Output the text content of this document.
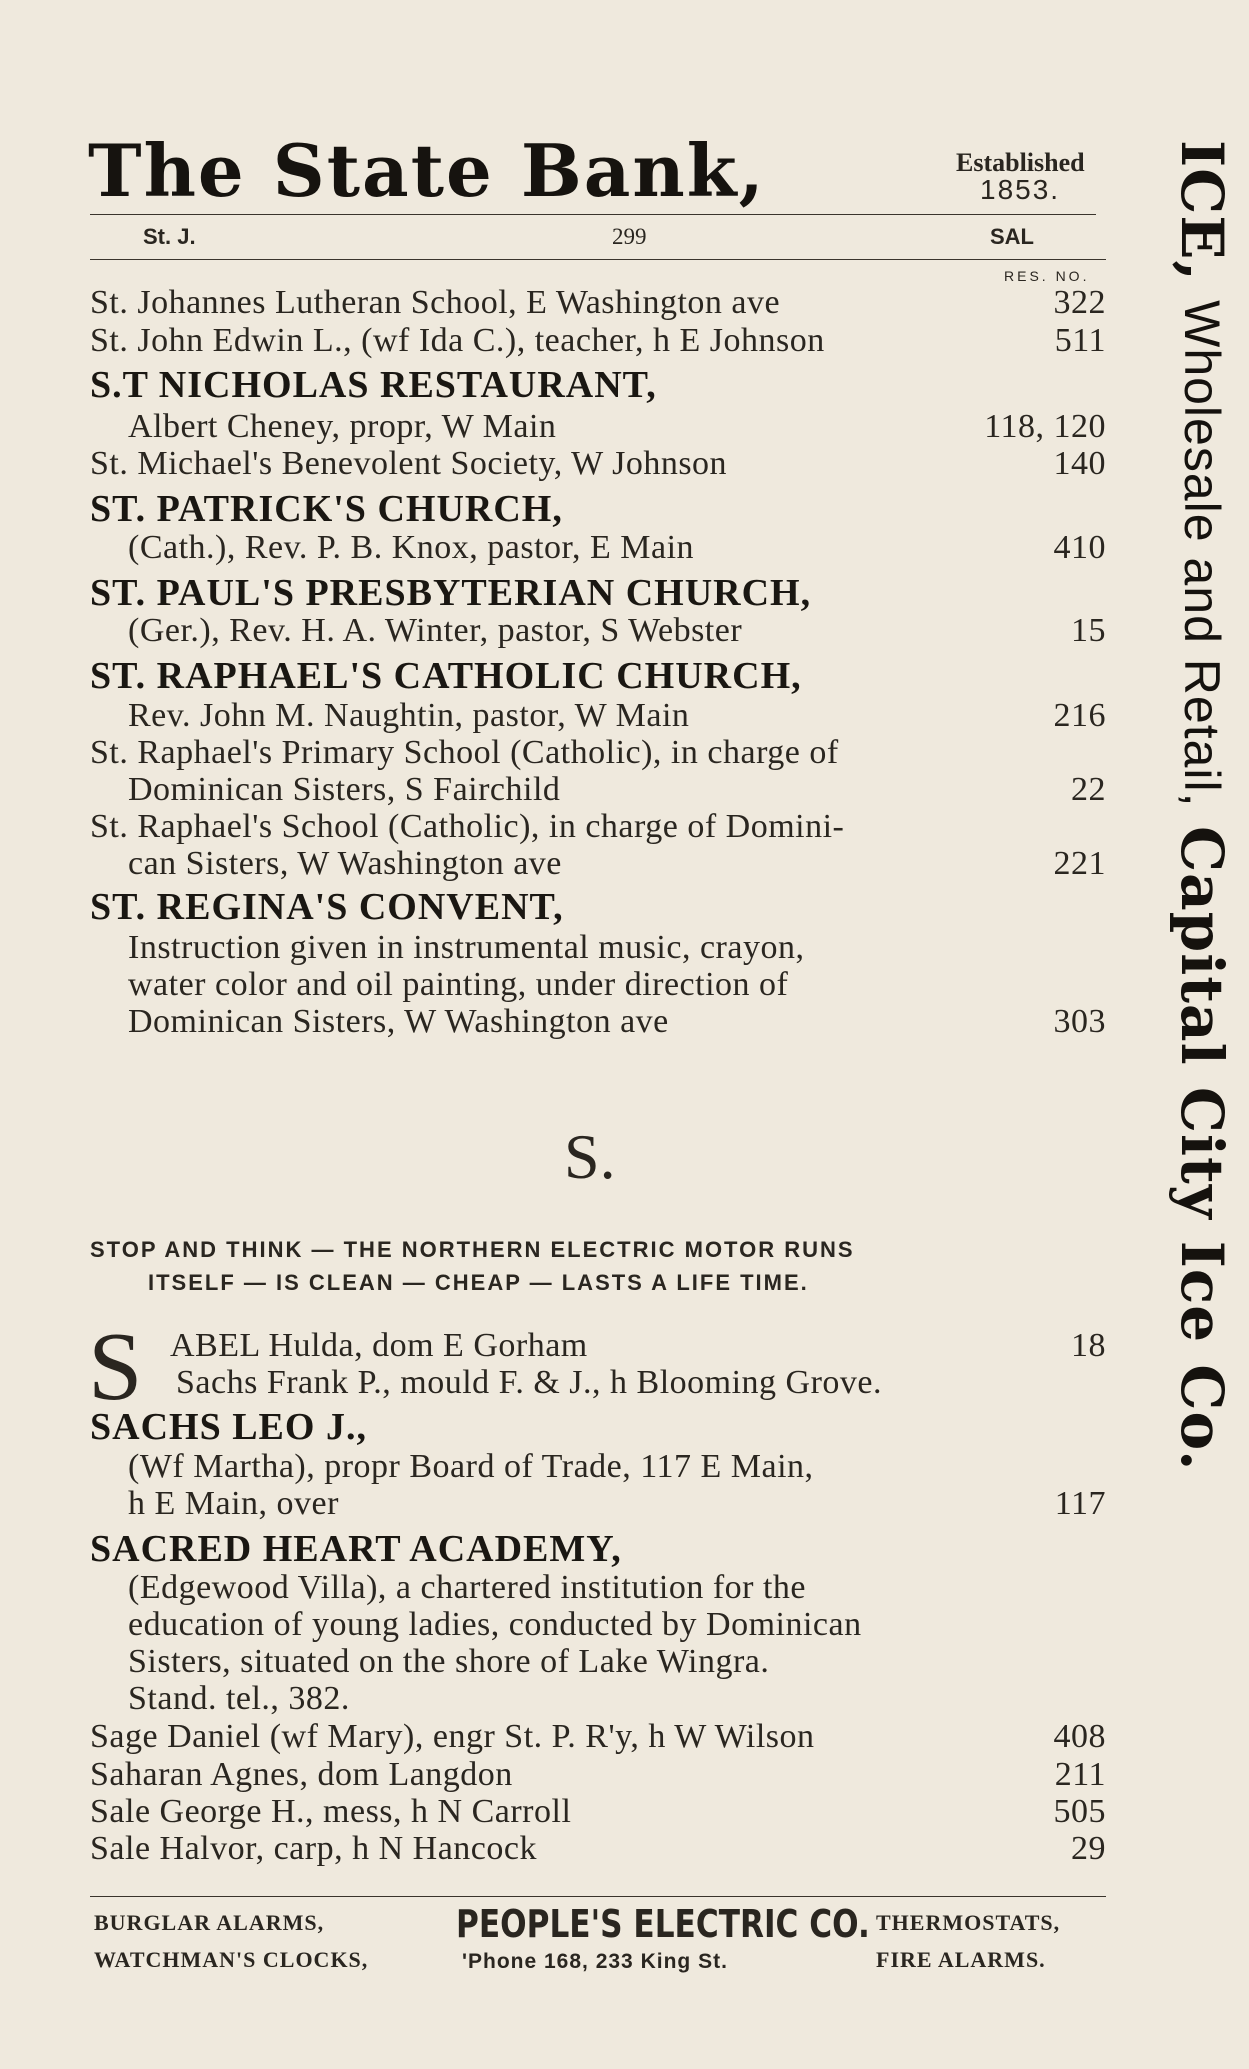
The State Bank,	Established
1853.
St. J.	299	SAL
RES. NO.
St. Johannes Lutheran School, E Washington ave	322
St. John Edwin L., (wf Ida C.), teacher, h E Johnson	511
S.T NICHOLAS RESTAURANT,
Albert Cheney, propr, W Main	118, 120
St. Michael's Benevolent Society, W Johnson	140
ST. PATRICK'S CHURCH,
(Cath.), Rev. P. B. Knox, pastor, E Main	410
ST. PAUL'S PRESBYTERIAN CHURCH,
(Ger.), Rev. H. A. Winter, pastor, S Webster	15
ST. RAPHAEL'S CATHOLIC CHURCH,
Rev. John M. Naughtin, pastor, W Main	216
St. Raphael's Primary School (Catholic), in charge of
Dominican Sisters, S Fairchild	22
St. Raphael's School (Catholic), in charge of Domini-
can Sisters, W Washington ave	221
ST. REGINA'S CONVENT,
Instruction given in instrumental music, crayon,
water color and oil painting, under direction of
Dominican Sisters, W Washington ave	303
S.
STOP AND THINK — THE NORTHERN ELECTRIC MOTOR RUNS
ITSELF — IS CLEAN — CHEAP — LASTS A LIFE TIME.
S ABEL Hulda, dom E Gorham	18
Sachs Frank P., mould F. & J., h Blooming Grove.
SACHS LEO J.,
(Wf Martha), propr Board of Trade, 117 E Main,
h E Main, over	117
SACRED HEART ACADEMY,
(Edgewood Villa), a chartered institution for the
education of young ladies, conducted by Dominican
Sisters, situated on the shore of Lake Wingra.
Stand. tel., 382.
Sage Daniel (wf Mary), engr St. P. R'y, h W Wilson	408
Saharan Agnes, dom Langdon	211
Sale George H., mess, h N Carroll	505
Sale Halvor, carp, h N Hancock	29
BURGLAR ALARMS,
WATCHMAN'S CLOCKS,
PEOPLE'S ELECTRIC CO.
'Phone 168, 233 King St.
THERMOSTATS,
FIRE ALARMS.
ICE, Wholesale and Retail, Capital City Ice Co.
